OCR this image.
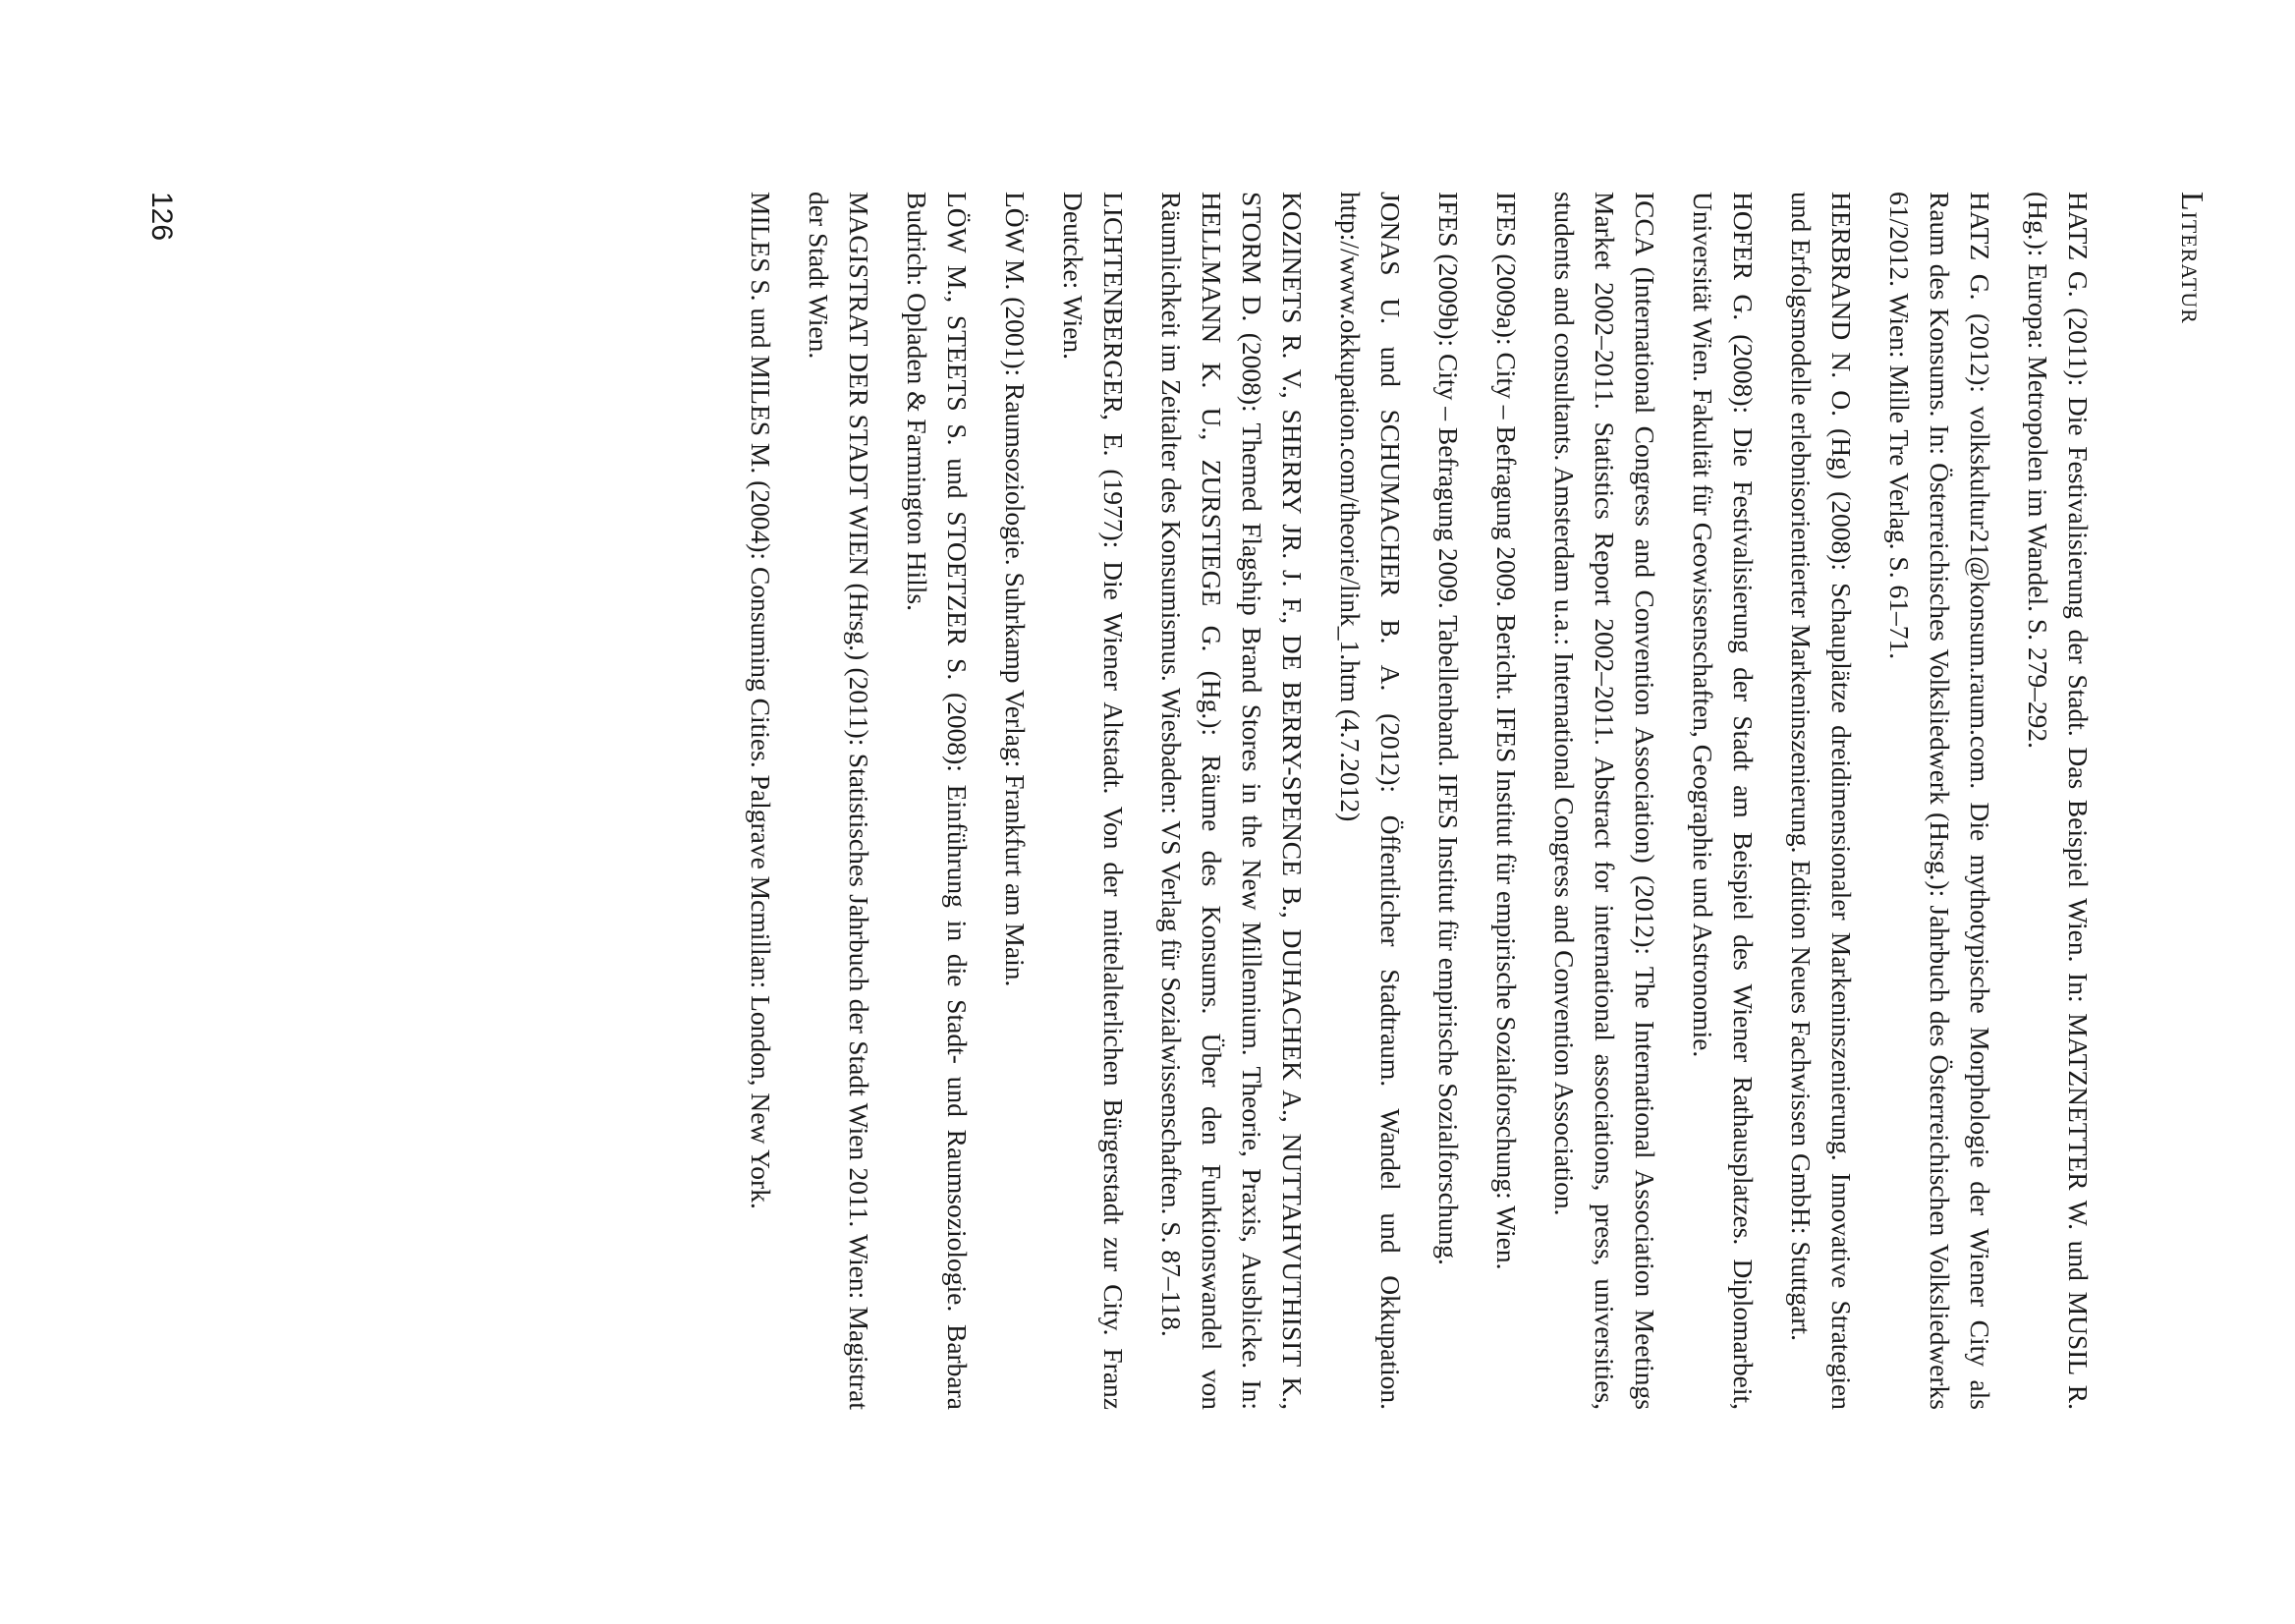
Literatur

HATZ G. (2011): Die Festivalisierung der Stadt. Das Beispiel Wien. In: MATZNETTER W. und MUSIL R. (Hg.): Europa: Metropolen im Wandel. S. 279–292.

HATZ G. (2012): volkskultur21@konsum.raum.com. Die mythotypische Morphologie der Wiener City als Raum des Konsums. In: Österreichisches Volksliedwerk (Hrsg.): Jahrbuch des Österreichischen Volksliedwerks 61/2012. Wien: Mille Tre Verlag. S. 61–71.

HERBRAND N. O. (Hg) (2008): Schauplätze dreidimensionaler Markeninszenierung. Innovative Strategien und Erfolgsmodelle erlebnisorientierter Markeninszenierung. Edition Neues Fachwissen GmbH: Stuttgart.

HOFER G. (2008): Die Festivalisierung der Stadt am Beispiel des Wiener Rathausplatzes. Diplomarbeit, Universität Wien. Fakultät für Geowissenschaften, Geographie und Astronomie.

ICCA (International Congress and Convention Association) (2012): The International Association Meetings Market 2002–2011. Statistics Report 2002–2011. Abstract for international associations, press, universities, students and consultants. Amsterdam u.a.: International Congress and Convention Association.

IFES (2009a): City – Befragung 2009. Bericht. IFES Institut für empirische Sozialforschung: Wien.

IFES (2009b): City – Befragung 2009. Tabellenband. IFES Institut für empirische Sozialforschung.

JONAS U. und SCHUMACHER B. A. (2012): Öffentlicher Stadtraum. Wandel und Okkupation. http://www.okkupation.com/theorie/link_1.htm (4.7.2012)

KOZINETS R. V., SHERRY JR. J. F., DE BERRY-SPENCE B., DUHACHEK A., NUTTAHVUTHISIT K., STORM D. (2008): Themed Flagship Brand Stores in the New Millennium. Theorie, Praxis, Ausblicke. In: HELLMANN K. U., ZURSTIEGE G. (Hg.): Räume des Konsums. Über den Funktionswandel von Räumlichkeit im Zeitalter des Konsumismus. Wiesbaden: VS Verlag für Sozialwissenschaften. S. 87–118.

LICHTENBERGER, E. (1977): Die Wiener Altstadt. Von der mittelalterlichen Bürgerstadt zur City. Franz Deutcke: Wien.

LÖW M. (2001): Raumsoziologie. Suhrkamp Verlag: Frankfurt am Main.

LÖW M., STEETS S. und STOETZER S. (2008): Einführung in die Stadt- und Raumsoziologie. Barbara Budrich: Opladen & Farmington Hills.

MAGISTRAT DER STADT WIEN (Hrsg.) (2011): Statistisches Jahrbuch der Stadt Wien 2011. Wien: Magistrat der Stadt Wien.

MILES S. und MILES M. (2004): Consuming Cities. Palgrave Mcmillan: London, New York.

126
